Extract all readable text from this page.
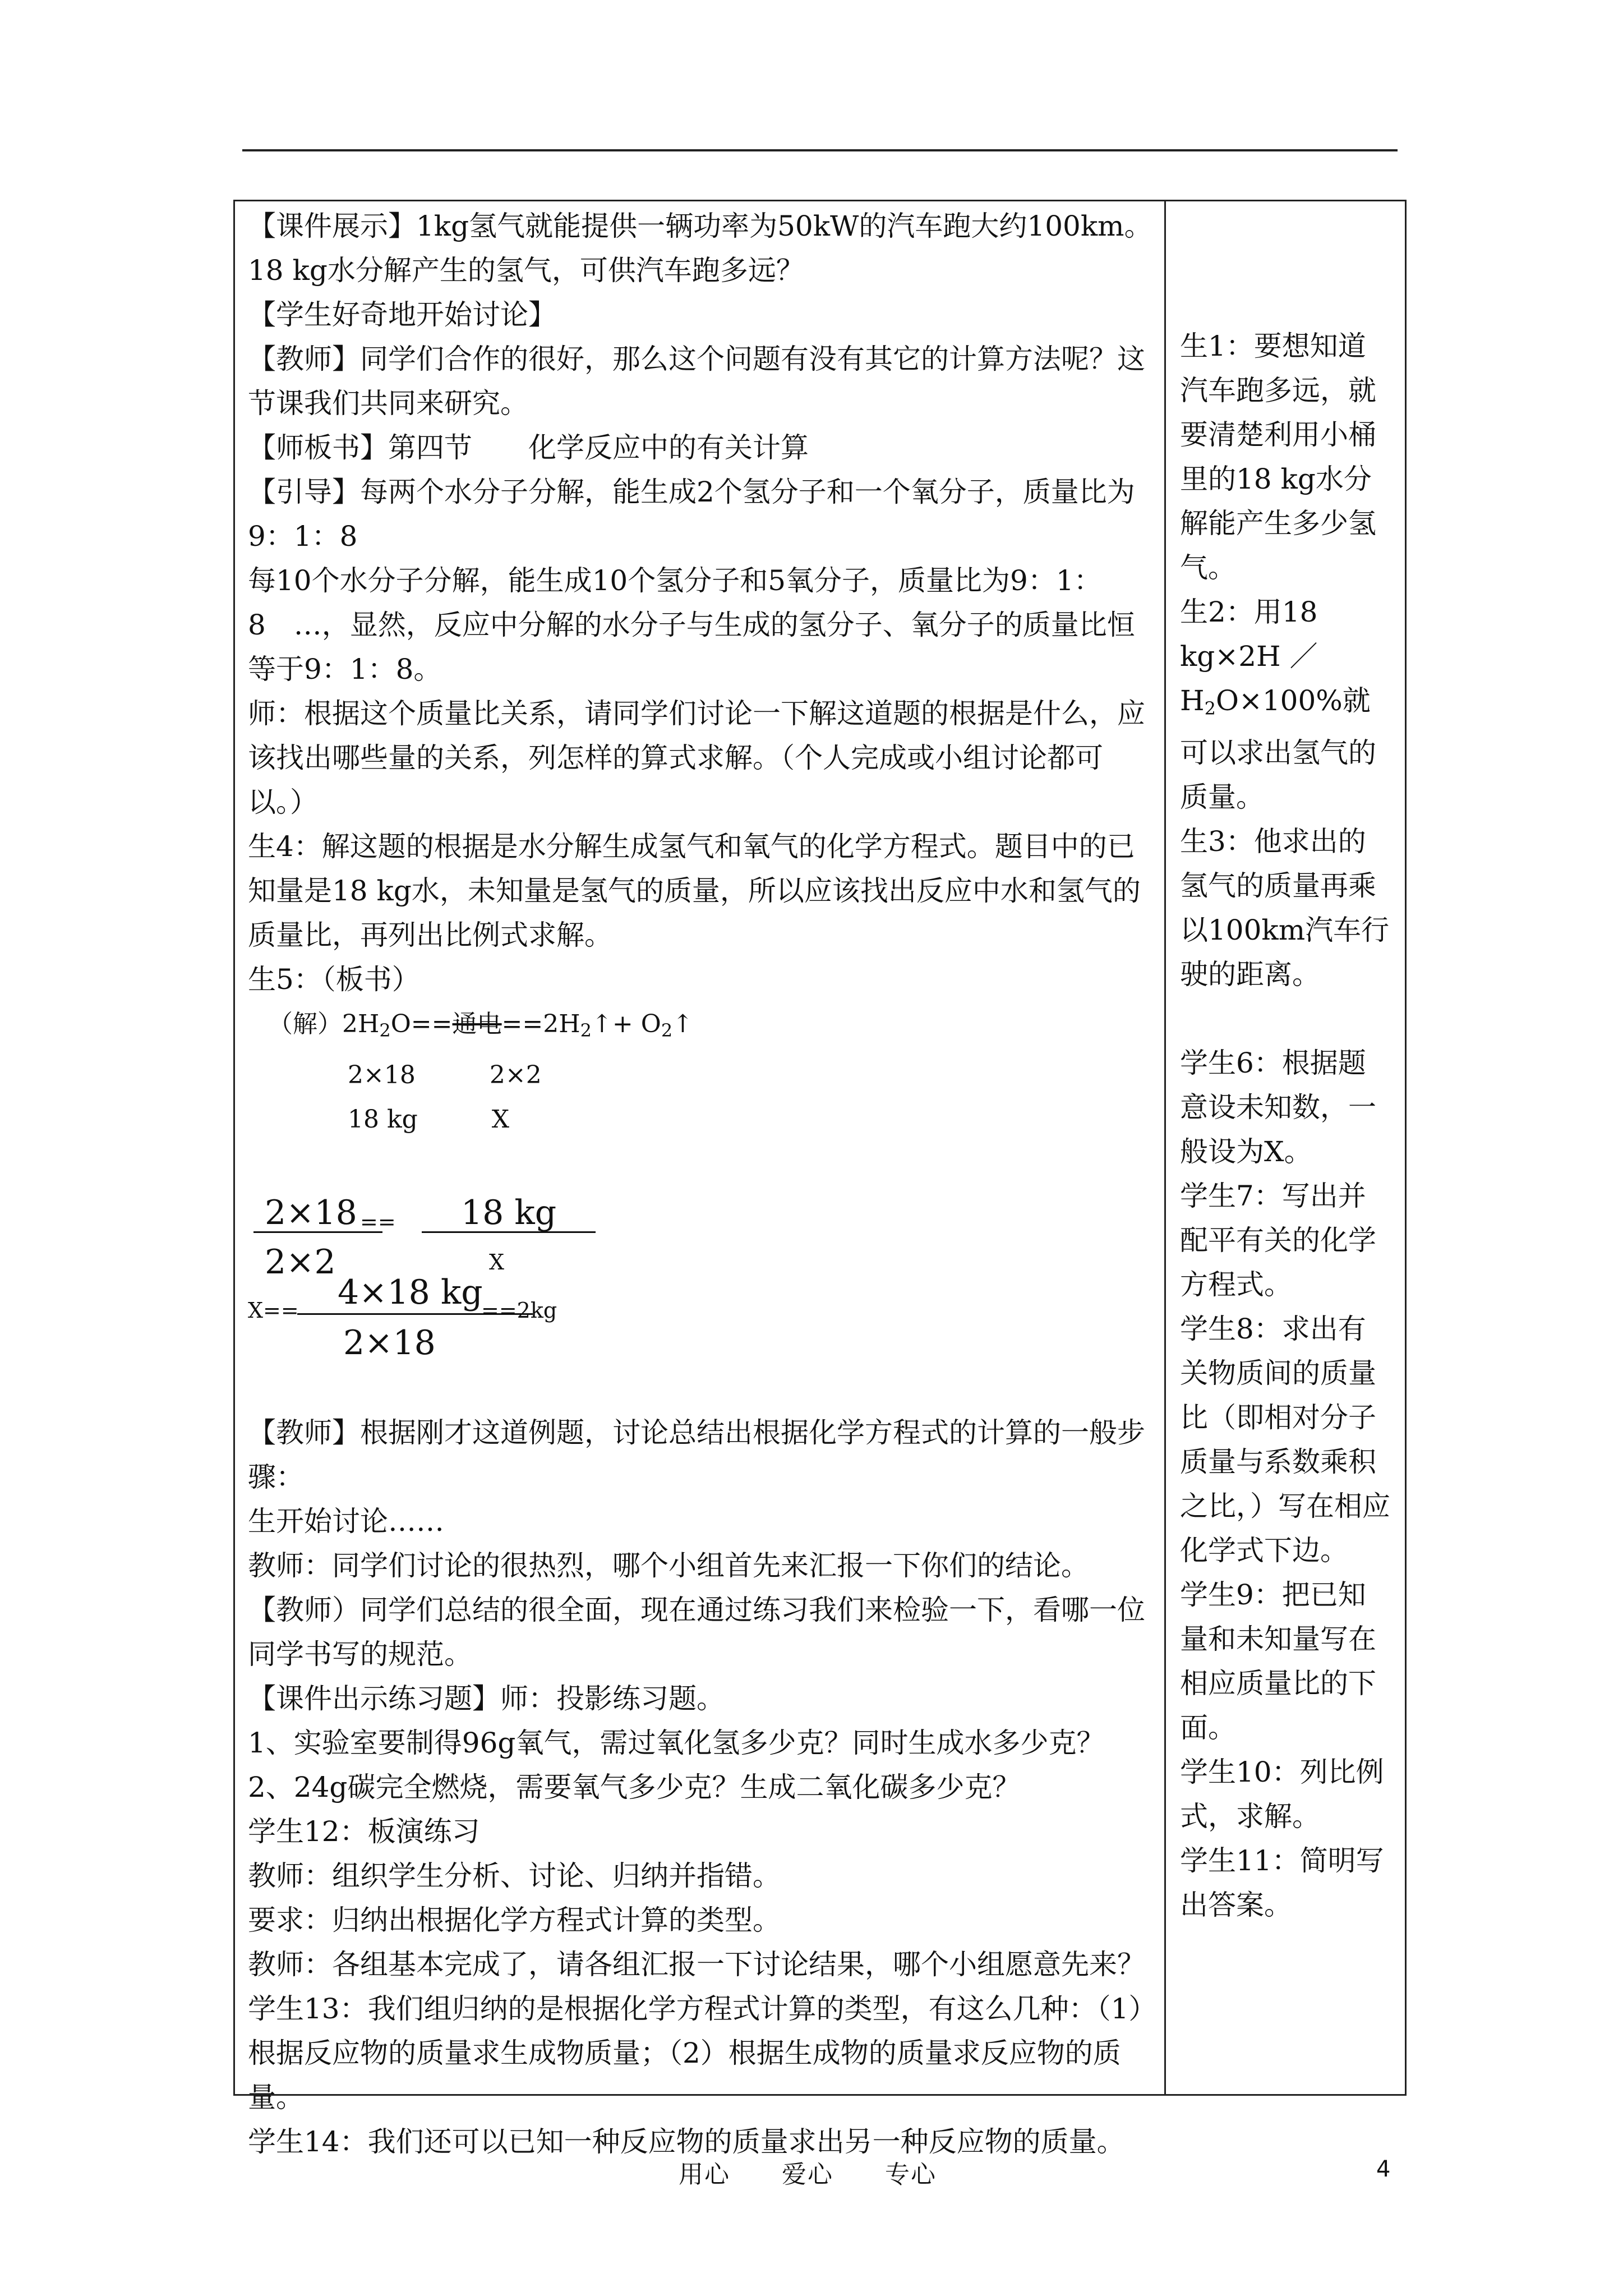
【课件展示】1kg氢气就能提供一辆功率为50kW的汽车跑大约100km。18 kg水分解产生的氢气，可供汽车跑多远？

【学生好奇地开始讨论】

【教师】同学们合作的很好，那么这个问题有没有其它的计算方法呢？这节课我们共同来研究。

【师板书】第四节　　化学反应中的有关计算

【引导】每两个水分子分解，能生成2个氢分子和一个氧分子，质量比为9：1：8

每10个水分子分解，能生成10个氢分子和5氧分子，质量比为9：1：8　…，显然，反应中分解的水分子与生成的氢分子、氧分子的质量比恒等于9：1：8。

师：根据这个质量比关系，请同学们讨论一下解这道题的根据是什么，应该找出哪些量的关系，列怎样的算式求解。（个人完成或小组讨论都可以。）

生4：解这题的根据是水分解生成氢气和氧气的化学方程式。题目中的已知量是18 kg水，未知量是氢气的质量，所以应该找出反应中水和氢气的质量比，再列出比例式求解。

生5：（板书）

（解）$2H_2O==$通电$==2H_2↑+$ $O_2↑$
2×18　　　2×2
18 kg　　　X
2×18 ==
2×2
18 kg
X
X== 4×18 kg
==2kg
2×18

【教师】根据刚才这道例题，讨论总结出根据化学方程式的计算的一般步骤：

生开始讨论……

教师：同学们讨论的很热烈，哪个小组首先来汇报一下你们的结论。

【教师）同学们总结的很全面，现在通过练习我们来检验一下，看哪一位同学书写的规范。

【课件出示练习题】师：投影练习题。

1、实验室要制得96g氧气，需过氧化氢多少克？同时生成水多少克？

2、24g碳完全燃烧，需要氧气多少克？生成二氧化碳多少克？

学生12：板演练习

教师：组织学生分析、讨论、归纳并指错。

要求：归纳出根据化学方程式计算的类型。

教师：各组基本完成了，请各组汇报一下讨论结果，哪个小组愿意先来？

学生13：我们组归纳的是根据化学方程式计算的类型，有这么几种：（1）根据反应物的质量求生成物质量；（2）根据生成物的质量求反应物的质量。

学生14：我们还可以已知一种反应物的质量求出另一种反应物的质量。

生1：要想知道汽车跑多远，就要清楚利用小桶里的18 kg水分解能产生多少氢气。

生2：用18 kg×2H ／ $H_2O\times 100\%$就可以求出氢气的质量。

生3：他求出的氢气的质量再乘以100km汽车行驶的距离。

学生6：根据题意设未知数，一般设为X。

学生7：写出并配平有关的化学方程式。

学生8：求出有关物质间的质量比（即相对分子质量与系数乘积之比，）写在相应化学式下边。

学生9：把已知量和未知量写在相应质量比的下面。

学生10：列比例式，求解。

学生11：简明写出答案。

用心　　爱心　　专心	4
